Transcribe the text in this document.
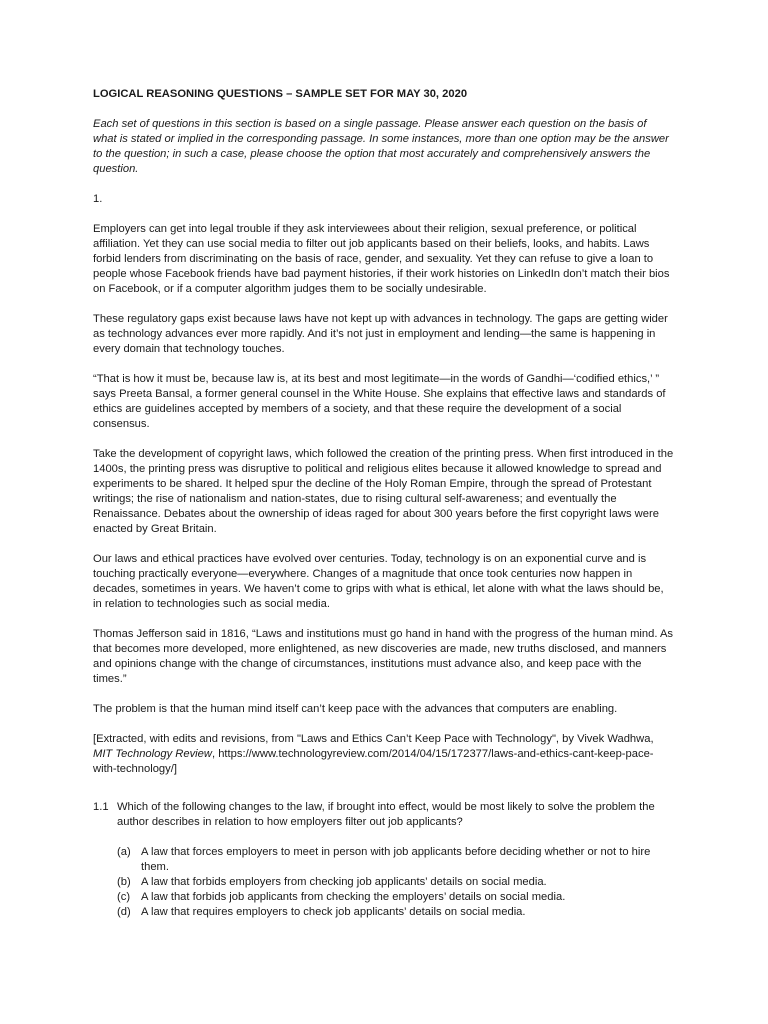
LOGICAL REASONING QUESTIONS – SAMPLE SET FOR MAY 30, 2020

Each set of questions in this section is based on a single passage. Please answer each question on the basis of what is stated or implied in the corresponding passage. In some instances, more than one option may be the answer to the question; in such a case, please choose the option that most accurately and comprehensively answers the question.

1.

Employers can get into legal trouble if they ask interviewees about their religion, sexual preference, or political affiliation. Yet they can use social media to filter out job applicants based on their beliefs, looks, and habits. Laws forbid lenders from discriminating on the basis of race, gender, and sexuality. Yet they can refuse to give a loan to people whose Facebook friends have bad payment histories, if their work histories on LinkedIn don’t match their bios on Facebook, or if a computer algorithm judges them to be socially undesirable.

These regulatory gaps exist because laws have not kept up with advances in technology. The gaps are getting wider as technology advances ever more rapidly. And it’s not just in employment and lending—the same is happening in every domain that technology touches.

“That is how it must be, because law is, at its best and most legitimate—in the words of Gandhi—‘codified ethics,’ ” says Preeta Bansal, a former general counsel in the White House. She explains that effective laws and standards of ethics are guidelines accepted by members of a society, and that these require the development of a social consensus.

Take the development of copyright laws, which followed the creation of the printing press. When first introduced in the 1400s, the printing press was disruptive to political and religious elites because it allowed knowledge to spread and experiments to be shared. It helped spur the decline of the Holy Roman Empire, through the spread of Protestant writings; the rise of nationalism and nation-states, due to rising cultural self-awareness; and eventually the Renaissance. Debates about the ownership of ideas raged for about 300 years before the first copyright laws were enacted by Great Britain.

Our laws and ethical practices have evolved over centuries. Today, technology is on an exponential curve and is touching practically everyone—everywhere. Changes of a magnitude that once took centuries now happen in decades, sometimes in years. We haven’t come to grips with what is ethical, let alone with what the laws should be, in relation to technologies such as social media.

Thomas Jefferson said in 1816, “Laws and institutions must go hand in hand with the progress of the human mind. As that becomes more developed, more enlightened, as new discoveries are made, new truths disclosed, and manners and opinions change with the change of circumstances, institutions must advance also, and keep pace with the times.”

The problem is that the human mind itself can’t keep pace with the advances that computers are enabling.

[Extracted, with edits and revisions, from "Laws and Ethics Can’t Keep Pace with Technology", by Vivek Wadhwa, MIT Technology Review, https://www.technologyreview.com/2014/04/15/172377/laws-and-ethics-cant-keep-pace-with-technology/]

1.1 Which of the following changes to the law, if brought into effect, would be most likely to solve the problem the author describes in relation to how employers filter out job applicants?
(a) A law that forces employers to meet in person with job applicants before deciding whether or not to hire them.
(b) A law that forbids employers from checking job applicants’ details on social media.
(c) A law that forbids job applicants from checking the employers’ details on social media.
(d) A law that requires employers to check job applicants’ details on social media.
